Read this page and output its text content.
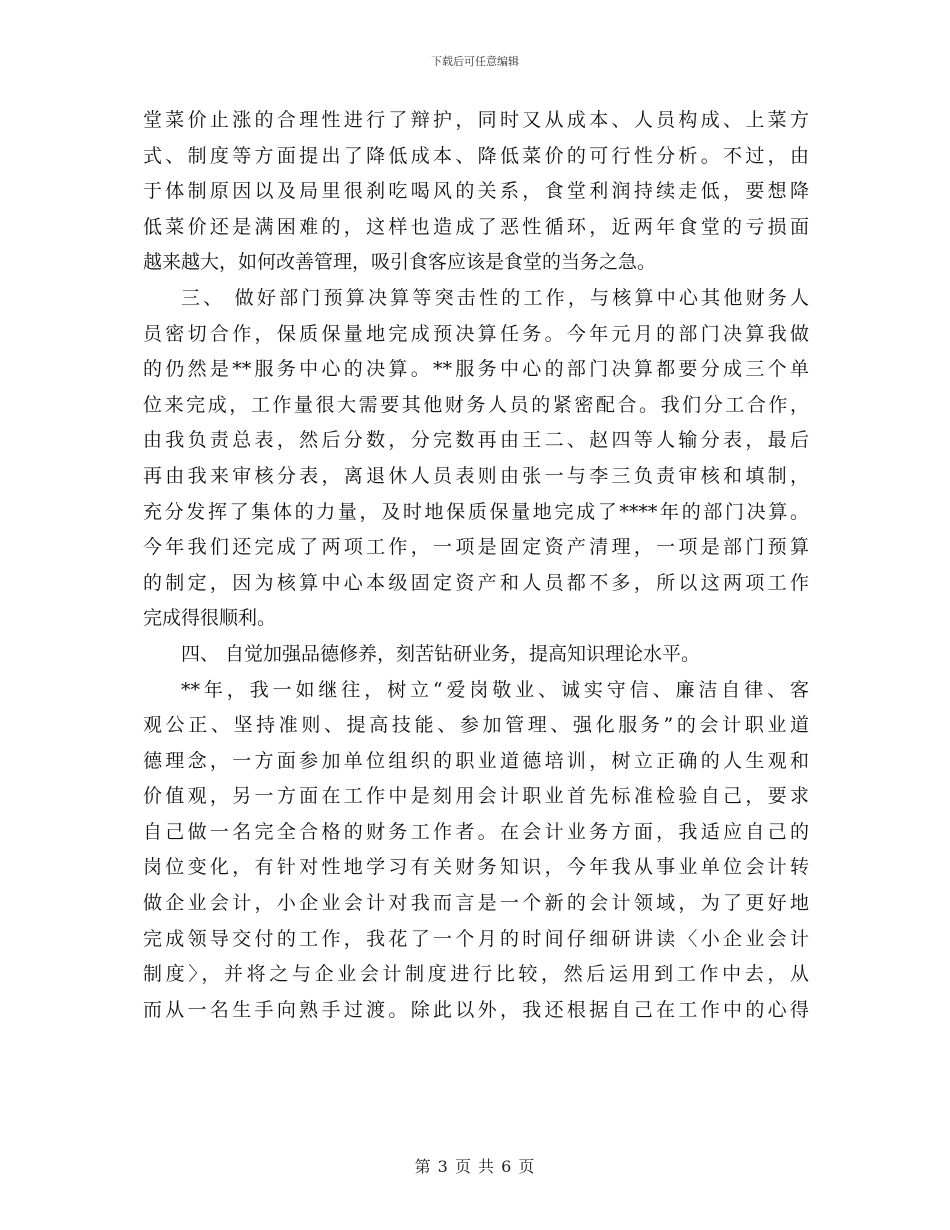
下载后可任意编辑
堂菜价止涨的合理性进行了辩护，同时又从成本、人员构成、上菜方
式、制度等方面提出了降低成本、降低菜价的可行性分析。不过，由
于体制原因以及局里很刹吃喝风的关系，食堂利润持续走低，要想降
低菜价还是满困难的，这样也造成了恶性循环，近两年食堂的亏损面
越来越大，如何改善管理，吸引食客应该是食堂的当务之急。
三、 做好部门预算决算等突击性的工作，与核算中心其他财务人
员密切合作，保质保量地完成预决算任务。今年元月的部门决算我做
的仍然是**服务中心的决算。**服务中心的部门决算都要分成三个单
位来完成，工作量很大需要其他财务人员的紧密配合。我们分工合作，
由我负责总表，然后分数，分完数再由王二、赵四等人输分表，最后
再由我来审核分表，离退休人员表则由张一与李三负责审核和填制，
充分发挥了集体的力量，及时地保质保量地完成了****年的部门决算。
今年我们还完成了两项工作，一项是固定资产清理，一项是部门预算
的制定，因为核算中心本级固定资产和人员都不多，所以这两项工作
完成得很顺利。
四、 自觉加强品德修养，刻苦钻研业务，提高知识理论水平。
**年，我一如继往，树立“爱岗敬业、诚实守信、廉洁自律、客
观公正、坚持准则、提高技能、参加管理、强化服务”的会计职业道
德理念，一方面参加单位组织的职业道德培训，树立正确的人生观和
价值观，另一方面在工作中是刻用会计职业首先标准检验自己，要求
自己做一名完全合格的财务工作者。在会计业务方面，我适应自己的
岗位变化，有针对性地学习有关财务知识，今年我从事业单位会计转
做企业会计，小企业会计对我而言是一个新的会计领域，为了更好地
完成领导交付的工作，我花了一个月的时间仔细研讲读〈小企业会计
制度〉，并将之与企业会计制度进行比较，然后运用到工作中去，从
而从一名生手向熟手过渡。除此以外，我还根据自己在工作中的心得
第 3 页 共 6 页
